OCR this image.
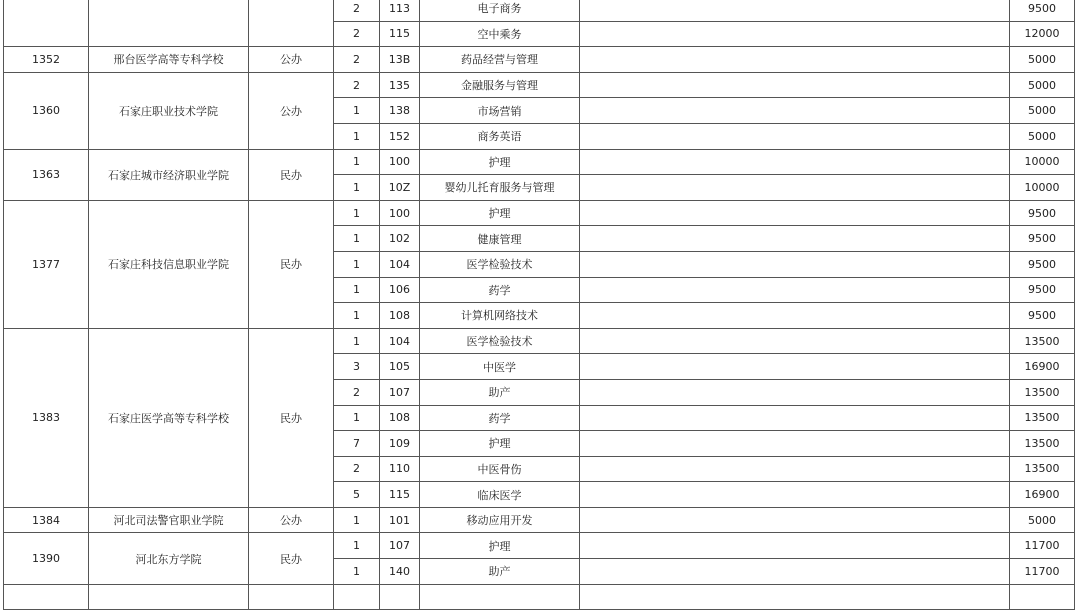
			2	113	电子商务		9500
			2	115	空中乘务		12000
1352	邢台医学高等专科学校	公办	2	13B	药品经营与管理		5000
1360	石家庄职业技术学院	公办	2	135	金融服务与管理		5000
			1	138	市场营销		5000
			1	152	商务英语		5000
1363	石家庄城市经济职业学院	民办	1	100	护理		10000
			1	10Z	婴幼儿托育服务与管理		10000
1377	石家庄科技信息职业学院	民办	1	100	护理		9500
			1	102	健康管理		9500
			1	104	医学检验技术		9500
			1	106	药学		9500
			1	108	计算机网络技术		9500
1383	石家庄医学高等专科学校	民办	1	104	医学检验技术		13500
			3	105	中医学		16900
			2	107	助产		13500
			1	108	药学		13500
			7	109	护理		13500
			2	110	中医骨伤		13500
			5	115	临床医学		16900
1384	河北司法警官职业学院	公办	1	101	移动应用开发		5000
1390	河北东方学院	民办	1	107	护理		11700
			1	140	助产		11700
